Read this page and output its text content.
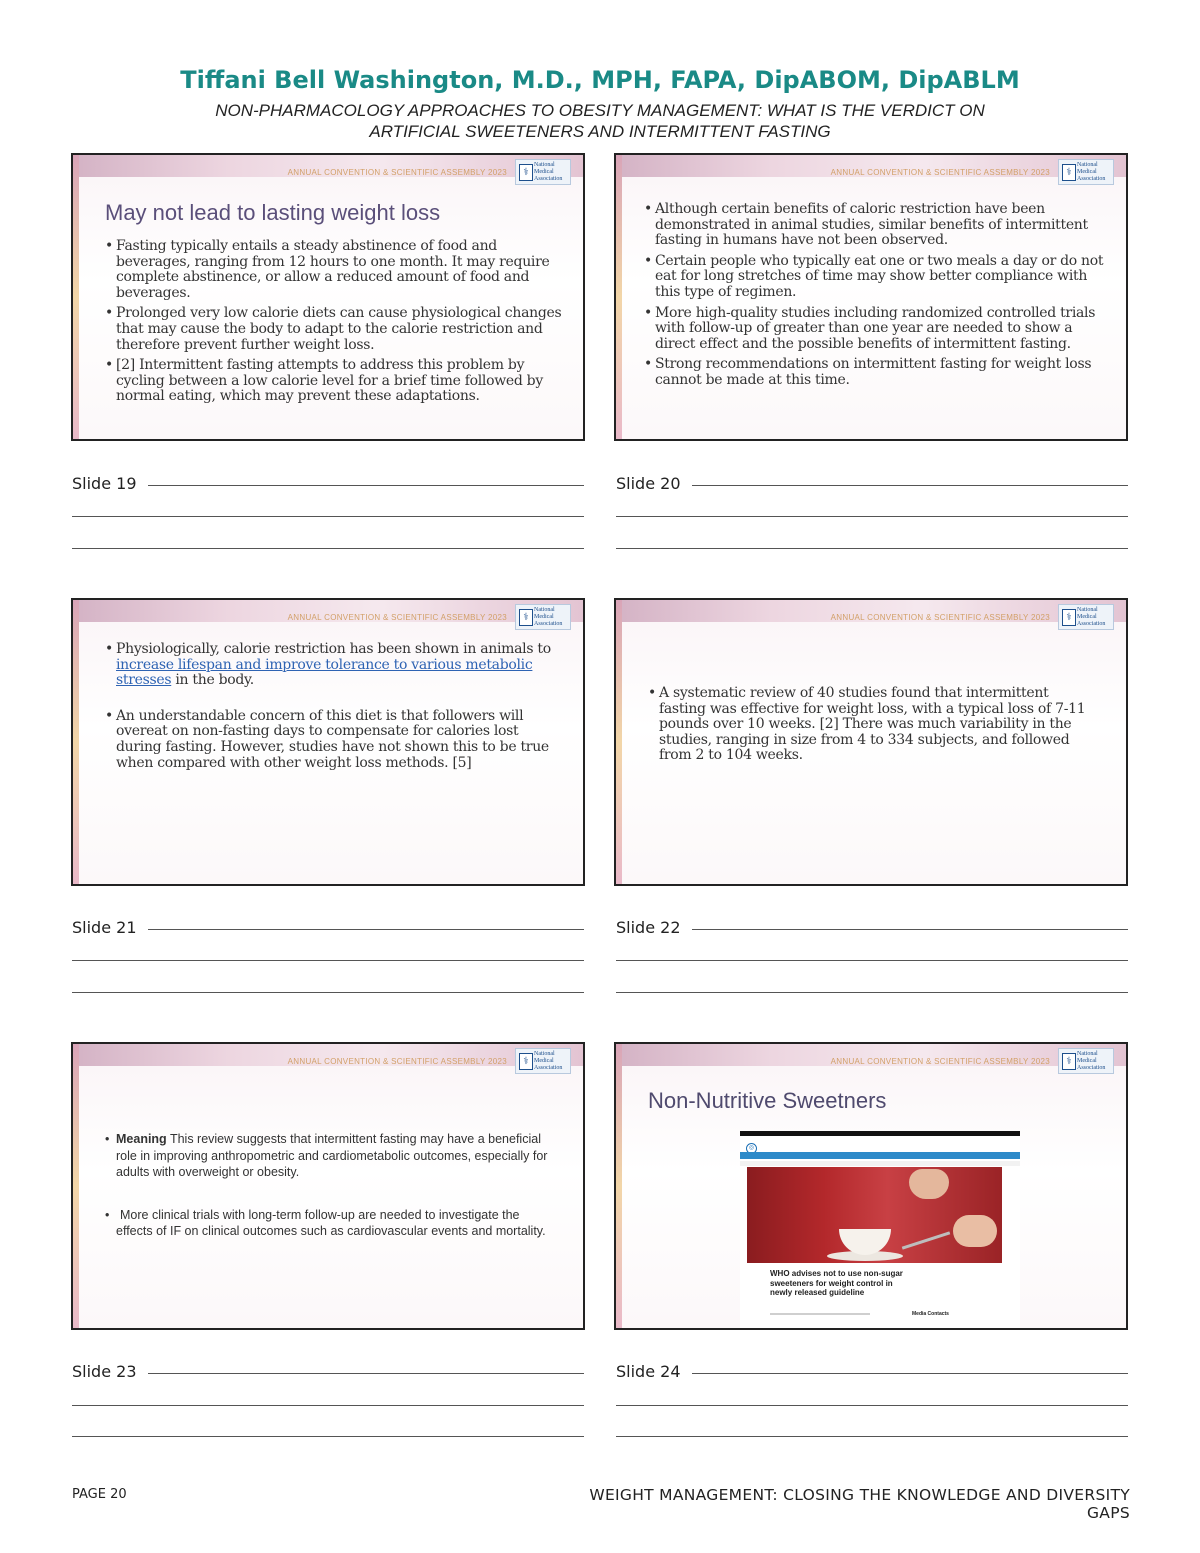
Tiffani Bell Washington, M.D., MPH, FAPA, DipABOM, DipABLM
NON-PHARMACOLOGY APPROACHES TO OBESITY MANAGEMENT: WHAT IS THE VERDICT ON
ARTIFICIAL SWEETENERS AND INTERMITTENT FASTING
ANNUAL CONVENTION & SCIENTIFIC ASSEMBLY 2023	⚕
National Medical Association
May not lead to lasting weight loss
• Fasting typically entails a steady abstinence of food and beverages, ranging from 12 hours to one month. It may require complete abstinence, or allow a reduced amount of food and beverages.
• Prolonged very low calorie diets can cause physiological changes that may cause the body to adapt to the calorie restriction and therefore prevent further weight loss.
• [2] Intermittent fasting attempts to address this problem by cycling between a low calorie level for a brief time followed by normal eating, which may prevent these adaptations.
ANNUAL CONVENTION & SCIENTIFIC ASSEMBLY 2023	⚕
National Medical Association
• Although certain benefits of caloric restriction have been demonstrated in animal studies, similar benefits of intermittent fasting in humans have not been observed.
• Certain people who typically eat one or two meals a day or do not eat for long stretches of time may show better compliance with this type of regimen.
• More high-quality studies including randomized controlled trials with follow-up of greater than one year are needed to show a direct effect and the possible benefits of intermittent fasting.
• Strong recommendations on intermittent fasting for weight loss cannot be made at this time.
ANNUAL CONVENTION & SCIENTIFIC ASSEMBLY 2023	⚕
National Medical Association
• Physiologically, calorie restriction has been shown in animals to increase lifespan and improve tolerance to various metabolic stresses in the body.
• An understandable concern of this diet is that followers will overeat on non-fasting days to compensate for calories lost during fasting. However, studies have not shown this to be true when compared with other weight loss methods. [5]
ANNUAL CONVENTION & SCIENTIFIC ASSEMBLY 2023	⚕
National Medical Association
• A systematic review of 40 studies found that intermittent fasting was effective for weight loss, with a typical loss of 7-11 pounds over 10 weeks. [2] There was much variability in the studies, ranging in size from 4 to 334 subjects, and followed from 2 to 104 weeks.
ANNUAL CONVENTION & SCIENTIFIC ASSEMBLY 2023	⚕
National Medical Association
• Meaning This review suggests that intermittent fasting may have a beneficial role in improving anthropometric and cardiometabolic outcomes, especially for adults with overweight or obesity.
• More clinical trials with long-term follow-up are needed to investigate the effects of IF on clinical outcomes such as cardiovascular events and mortality.
ANNUAL CONVENTION & SCIENTIFIC ASSEMBLY 2023	⚕
National Medical Association
Non-Nutritive Sweetners
◎
WHO advises not to use non-sugar sweeteners for weight control in newly released guideline
Media Contacts
Slide 19	Slide 20
Slide 21	Slide 22
Slide 23	Slide 24
PAGE 20	WEIGHT MANAGEMENT: CLOSING THE KNOWLEDGE AND DIVERSITY GAPS
